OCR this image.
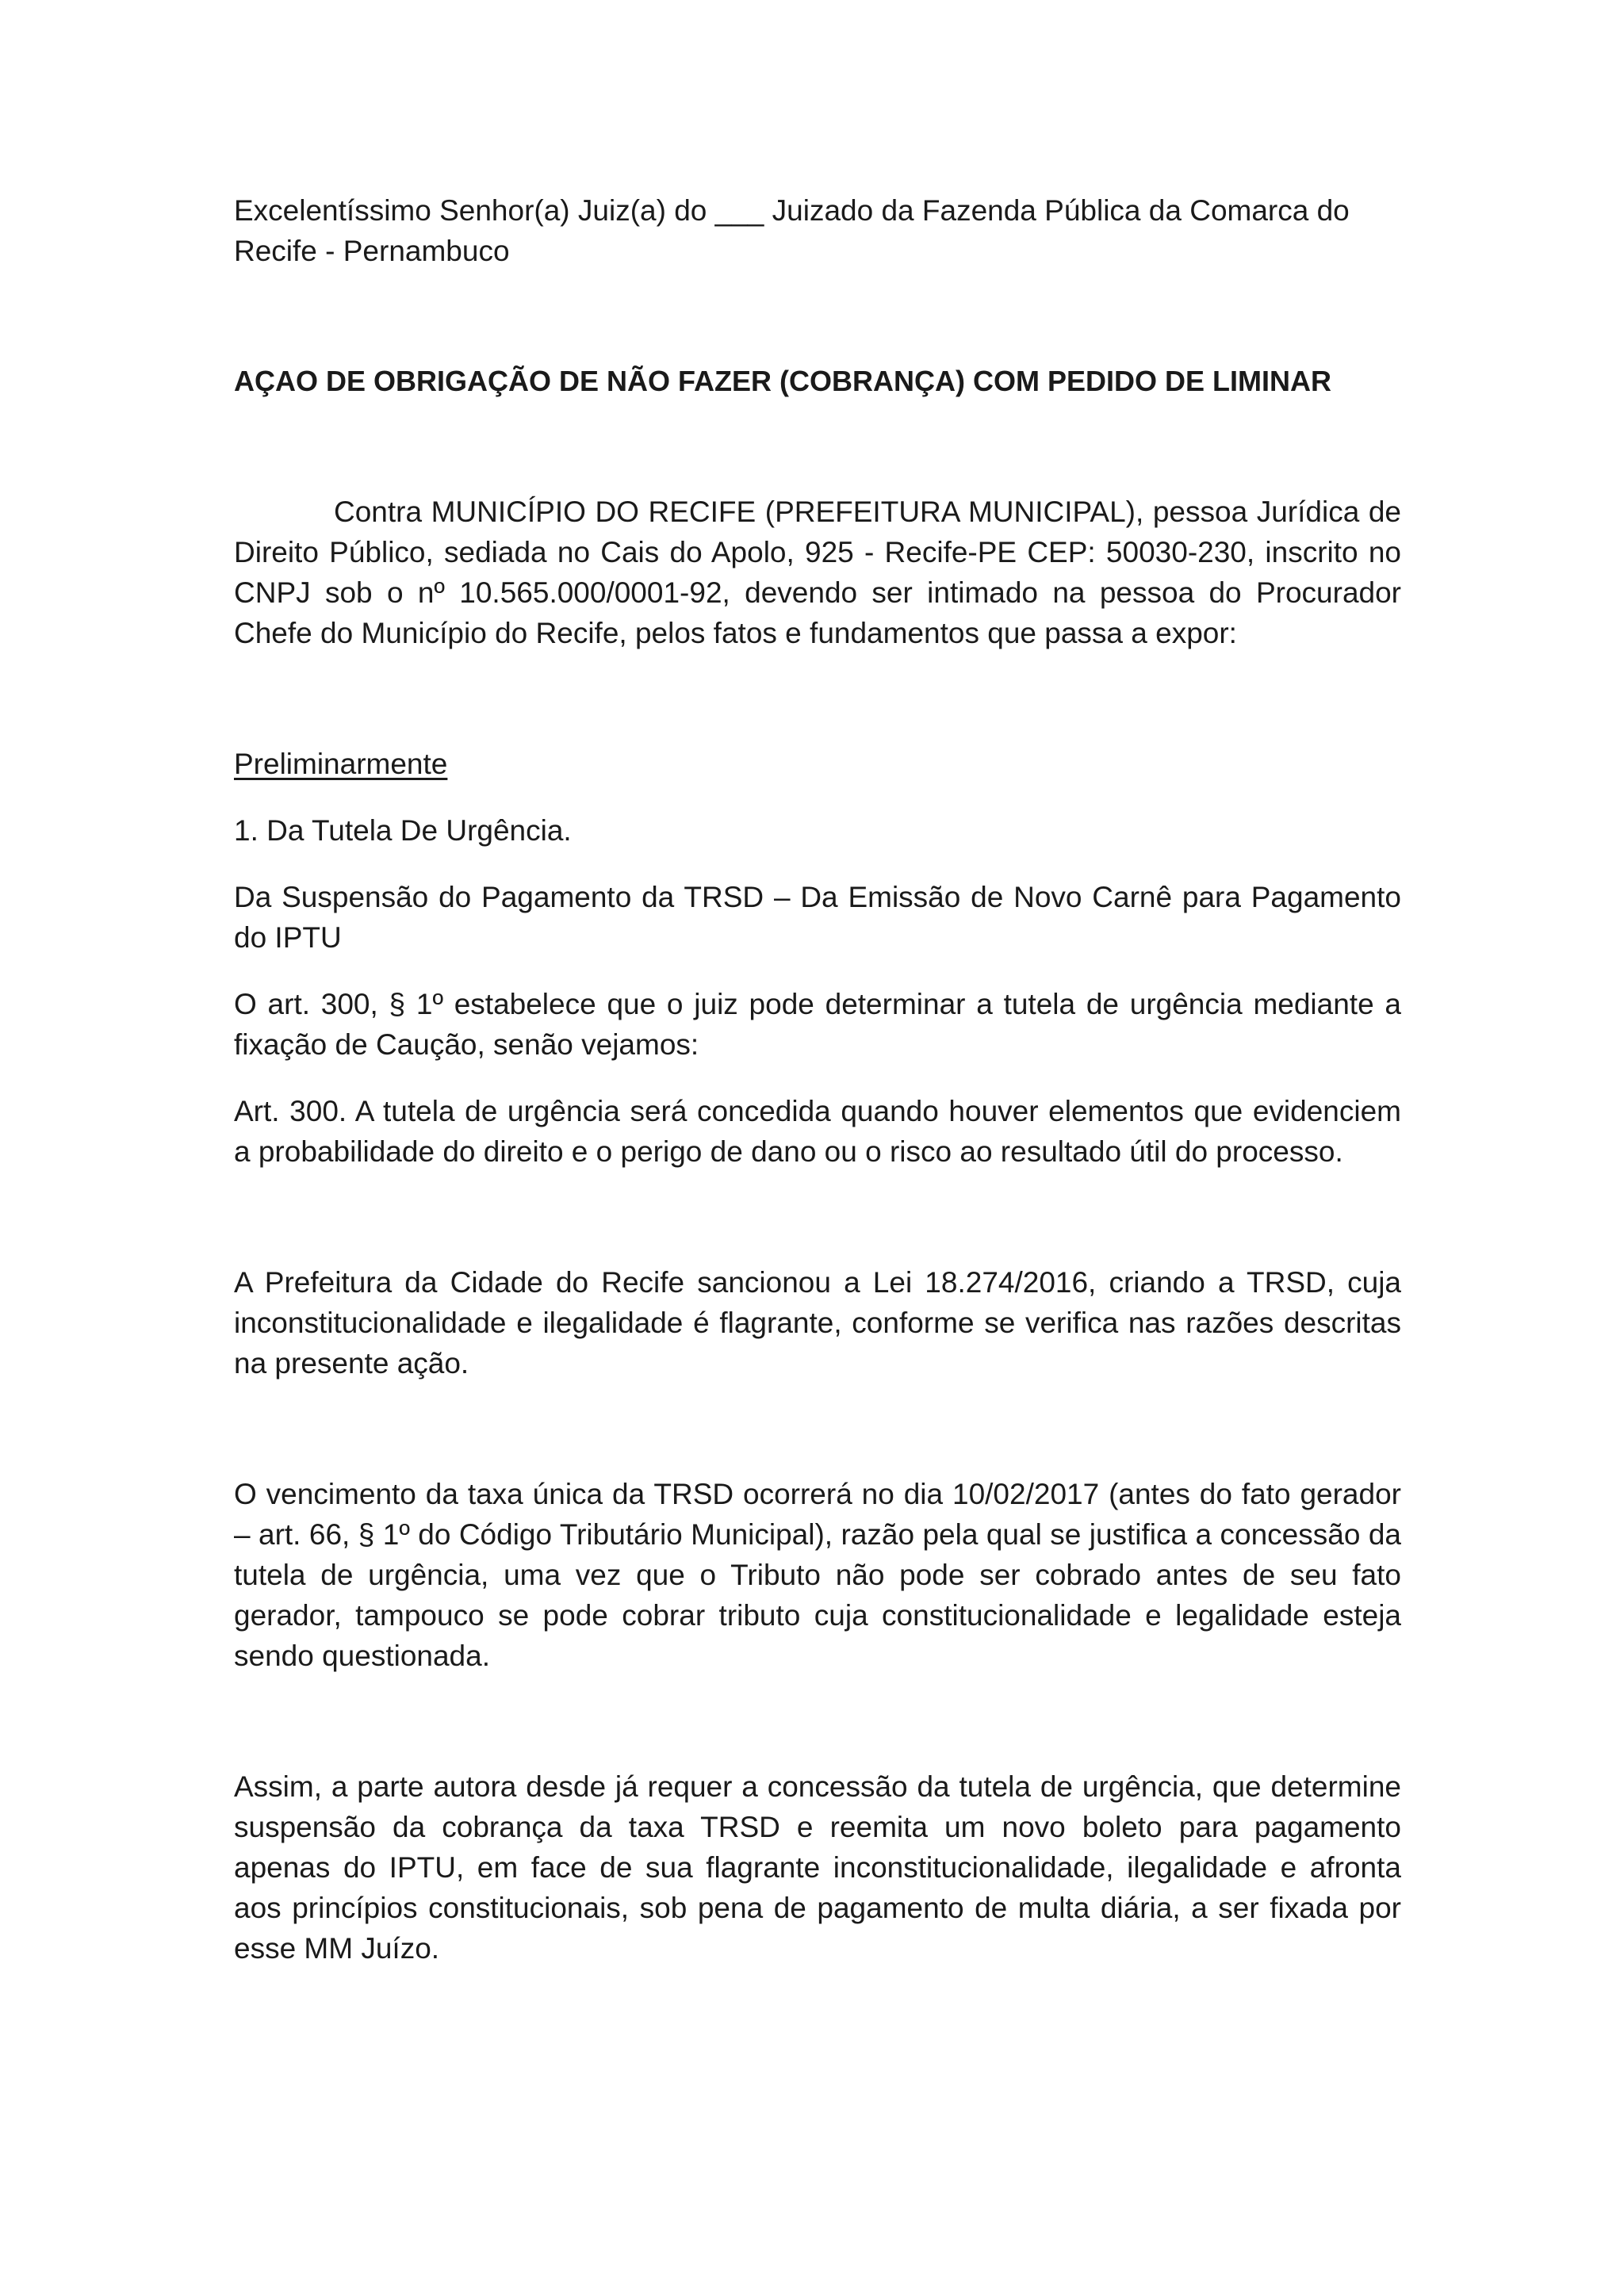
Excelentíssimo Senhor(a) Juiz(a) do ___ Juizado da Fazenda Pública da Comarca do Recife - Pernambuco

AÇAO DE OBRIGAÇÃO DE NÃO FAZER (COBRANÇA) COM PEDIDO DE LIMINAR

Contra MUNICÍPIO DO RECIFE (PREFEITURA MUNICIPAL), pessoa Jurídica de Direito Público, sediada no Cais do Apolo, 925 - Recife-PE CEP: 50030-230, inscrito no CNPJ sob o nº 10.565.000/0001-92, devendo ser intimado na pessoa do Procurador Chefe do Município do Recife, pelos fatos e fundamentos que passa a expor:

Preliminarmente

1. Da Tutela De Urgência.

Da Suspensão do Pagamento da TRSD – Da Emissão de Novo Carnê para Pagamento do IPTU

O art. 300, § 1º estabelece que o juiz pode determinar a tutela de urgência mediante a fixação de Caução, senão vejamos:

Art. 300. A tutela de urgência será concedida quando houver elementos que evidenciem a probabilidade do direito e o perigo de dano ou o risco ao resultado útil do processo.

A Prefeitura da Cidade do Recife sancionou a Lei 18.274/2016, criando a TRSD, cuja inconstitucionalidade e ilegalidade é flagrante, conforme se verifica nas razões descritas na presente ação.

O vencimento da taxa única da TRSD ocorrerá no dia 10/02/2017 (antes do fato gerador – art. 66, § 1º do Código Tributário Municipal), razão pela qual se justifica a concessão da tutela de urgência, uma vez que o Tributo não pode ser cobrado antes de seu fato gerador, tampouco se pode cobrar tributo cuja constitucionalidade e legalidade esteja sendo questionada.

Assim, a parte autora desde já requer a concessão da tutela de urgência, que determine suspensão da cobrança da taxa TRSD e reemita um novo boleto para pagamento apenas do IPTU, em face de sua flagrante inconstitucionalidade, ilegalidade e afronta aos princípios constitucionais, sob pena de pagamento de multa diária, a ser fixada por esse MM Juízo.
